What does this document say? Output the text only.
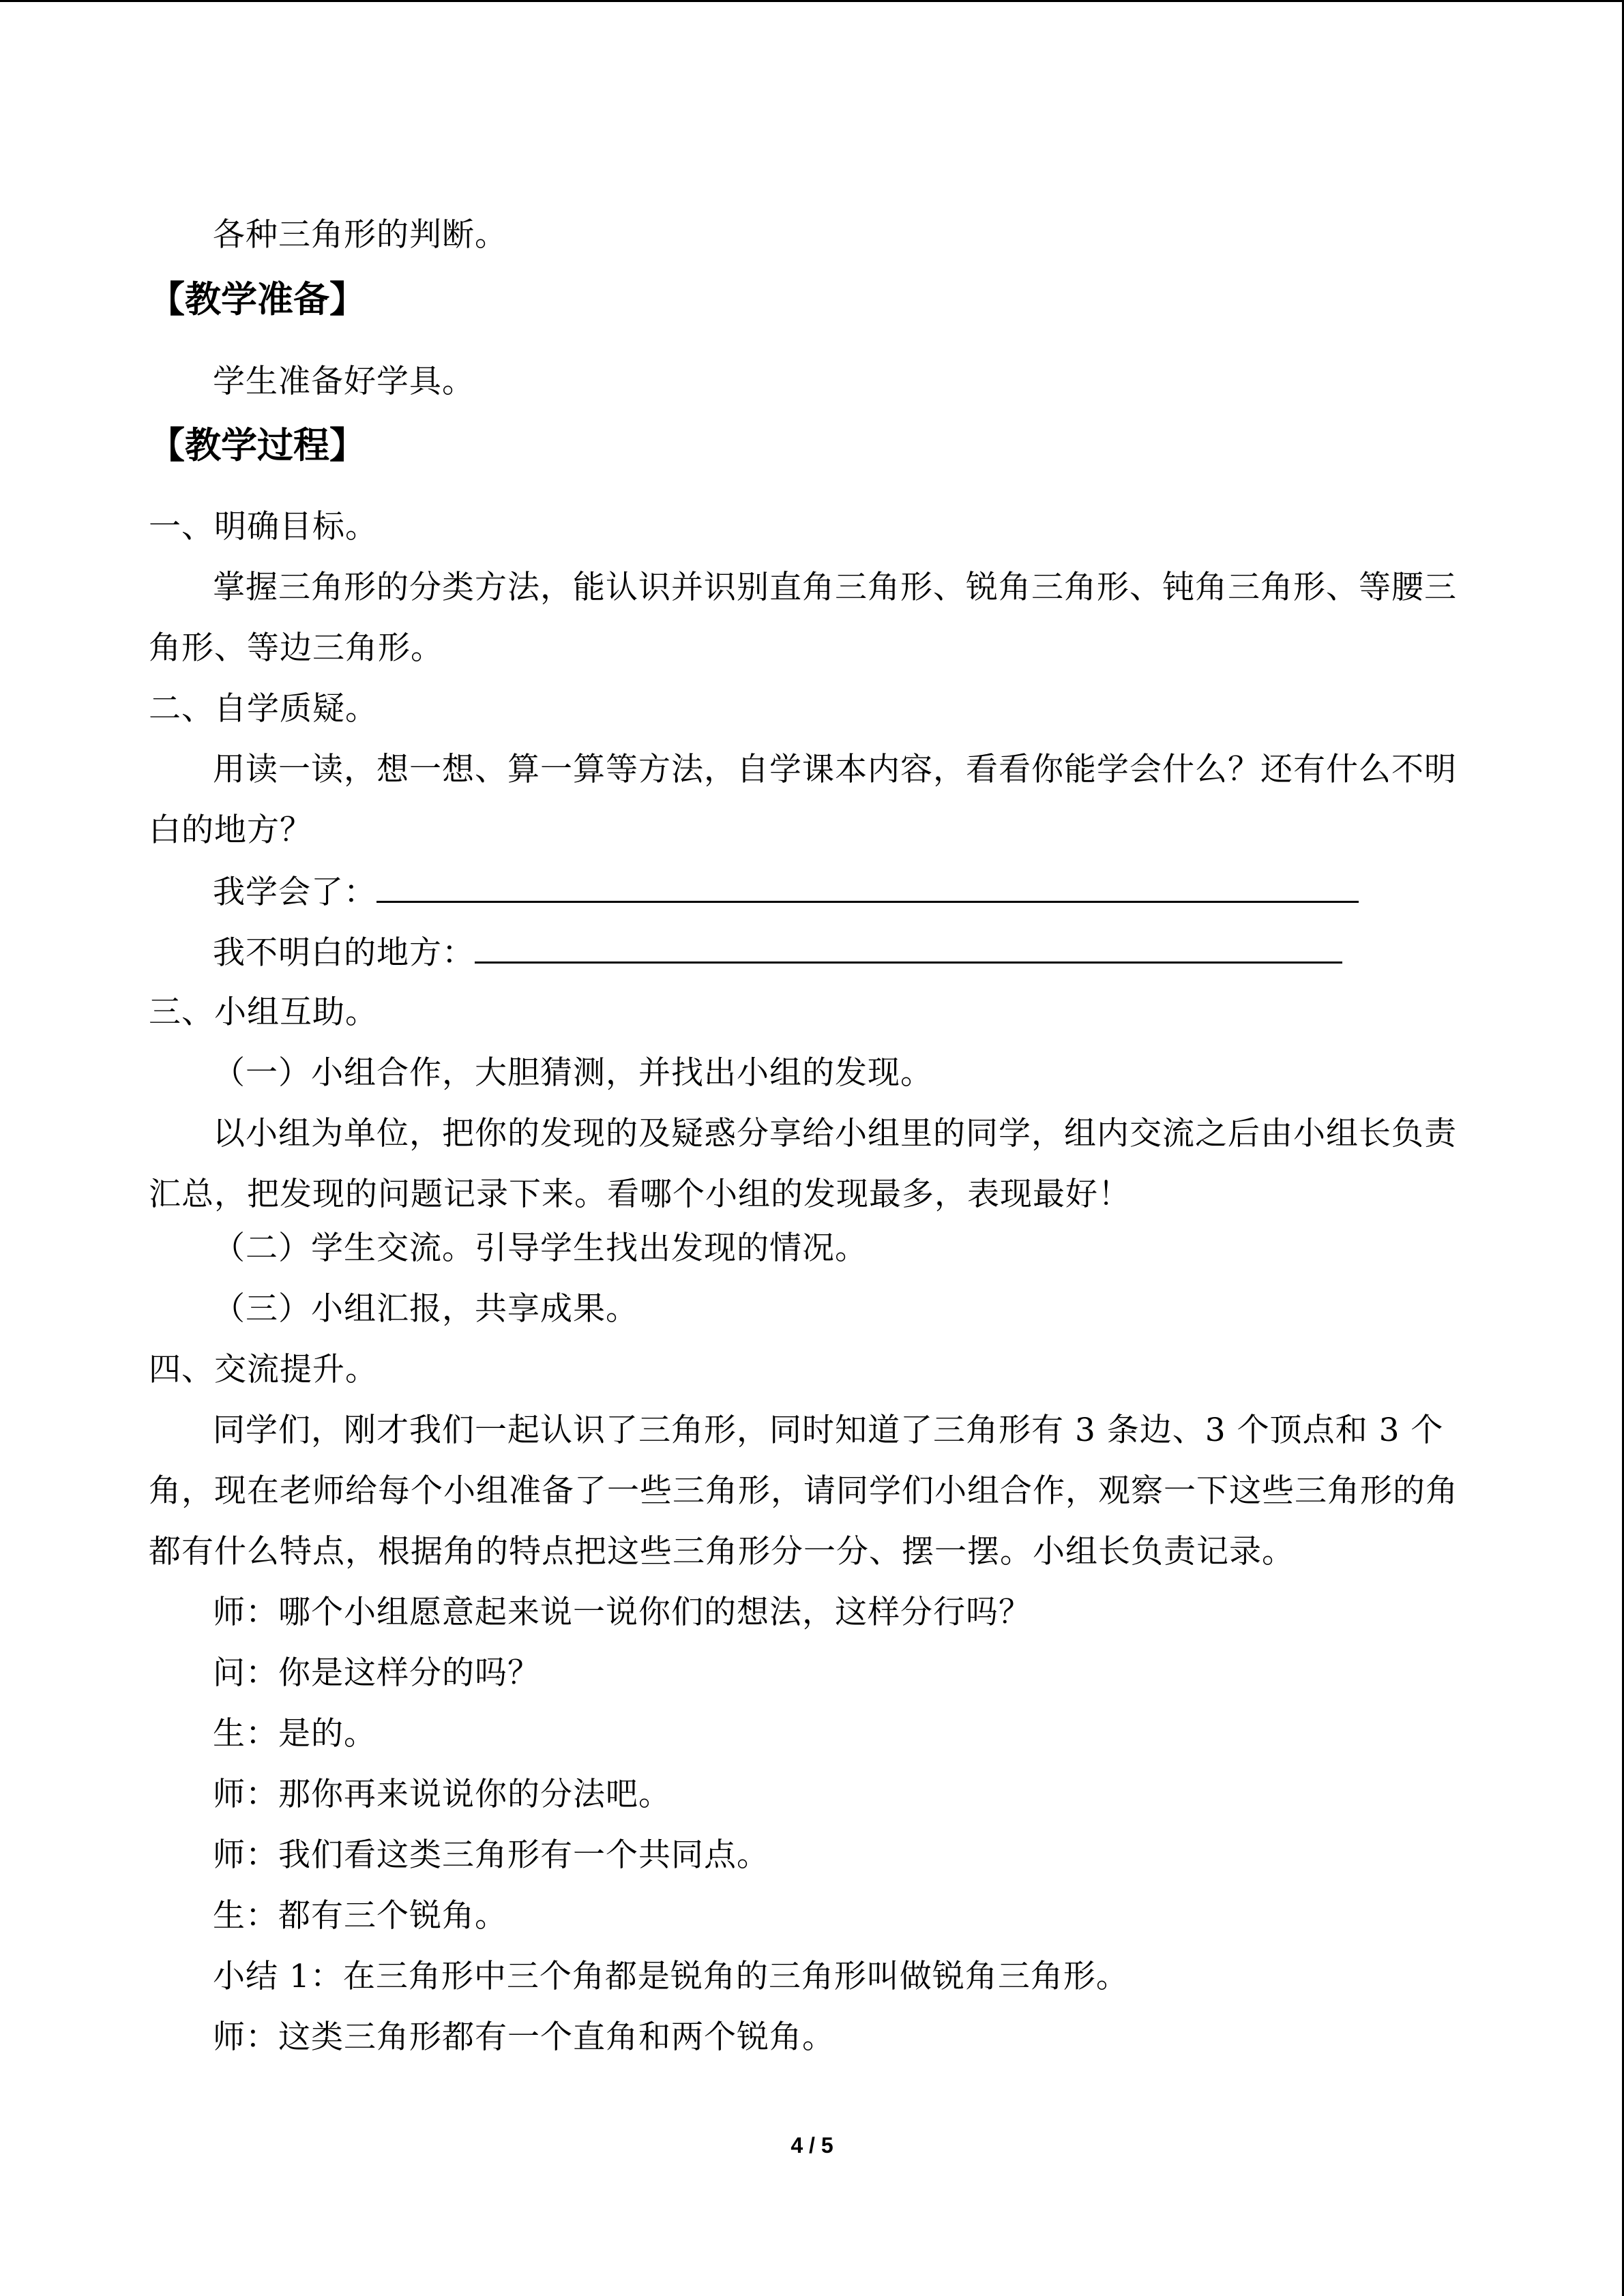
各种三角形的判断。
【教学准备】
学生准备好学具。
【教学过程】
一、明确目标。
掌握三角形的分类方法，能认识并识别直角三角形、锐角三角形、钝角三角形、等腰三
角形、等边三角形。
二、自学质疑。
用读一读，想一想、算一算等方法，自学课本内容，看看你能学会什么？还有什么不明
白的地方？
我学会了：
我不明白的地方：
三、小组互助。
（一）小组合作，大胆猜测，并找出小组的发现。
以小组为单位，把你的发现的及疑惑分享给小组里的同学，组内交流之后由小组长负责
汇总，把发现的问题记录下来。看哪个小组的发现最多，表现最好！
（二）学生交流。引导学生找出发现的情况。
（三）小组汇报，共享成果。
四、交流提升。
同学们，刚才我们一起认识了三角形，同时知道了三角形有 3 条边、3 个顶点和 3 个
角，现在老师给每个小组准备了一些三角形，请同学们小组合作，观察一下这些三角形的角
都有什么特点，根据角的特点把这些三角形分一分、摆一摆。小组长负责记录。
师：哪个小组愿意起来说一说你们的想法，这样分行吗？
问：你是这样分的吗？
生：是的。
师：那你再来说说你的分法吧。
师：我们看这类三角形有一个共同点。
生：都有三个锐角。
小结 1：在三角形中三个角都是锐角的三角形叫做锐角三角形。
师：这类三角形都有一个直角和两个锐角。
4 / 5
